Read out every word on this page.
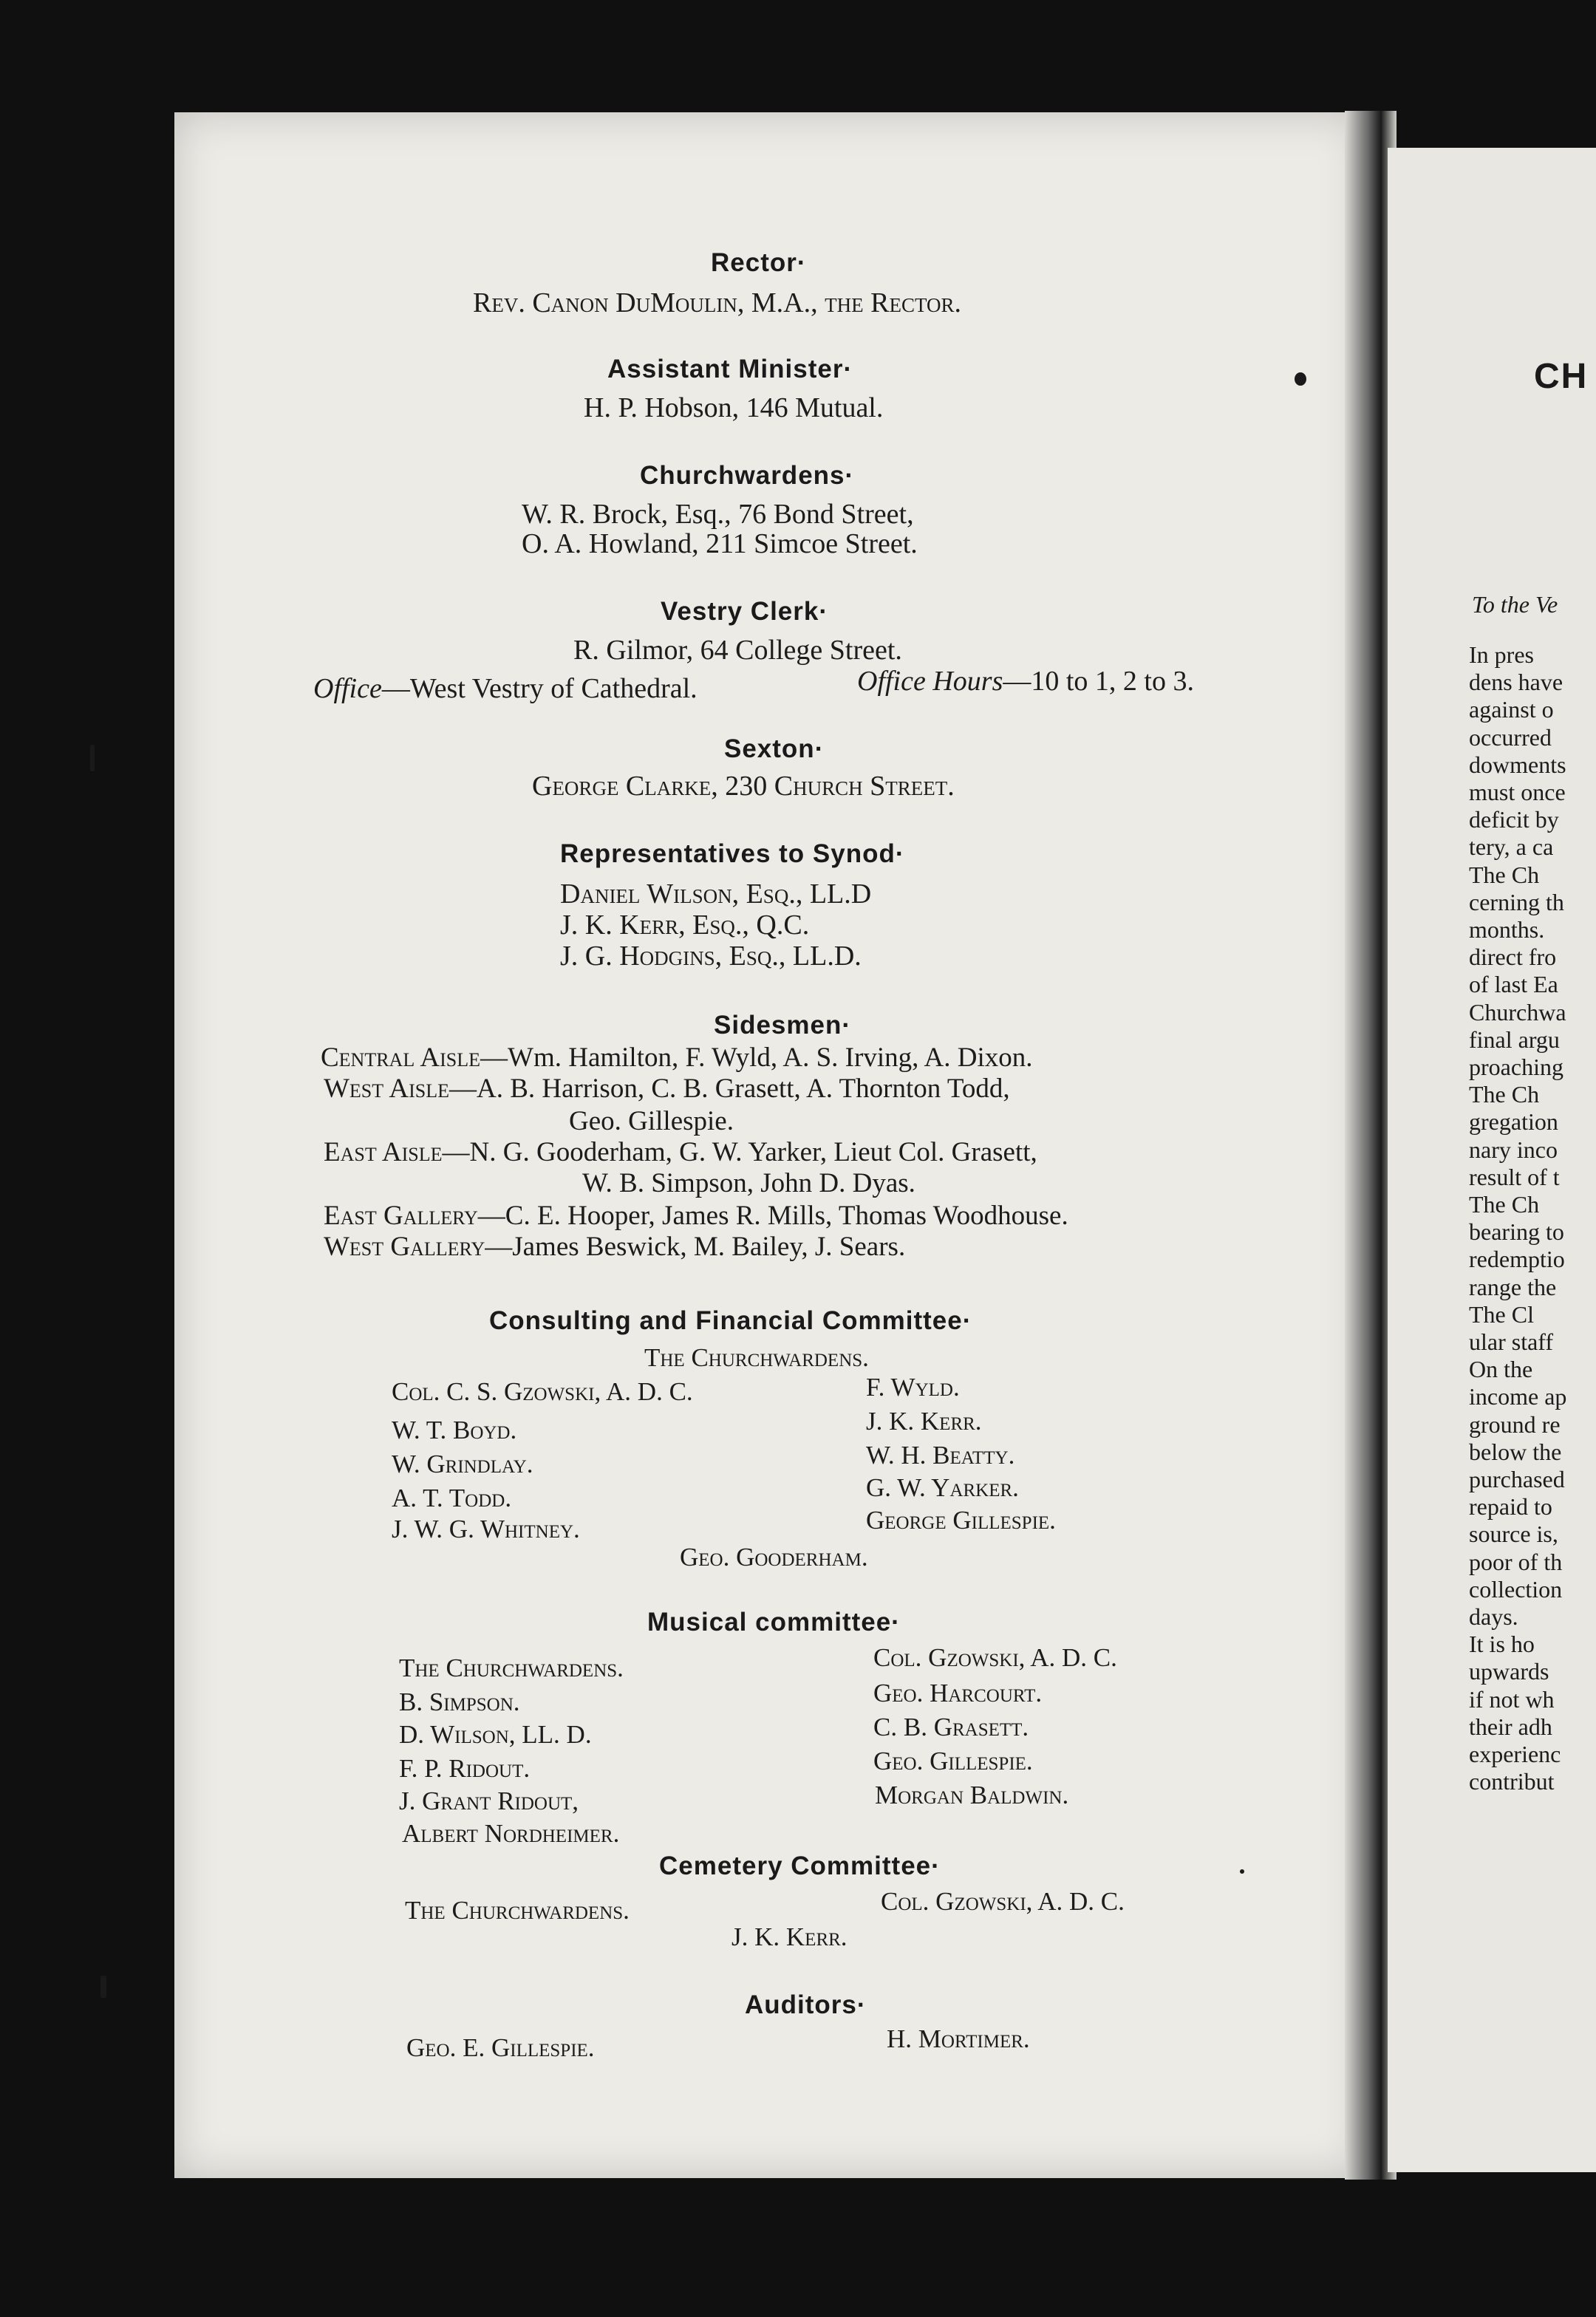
Rector·
Rev. Canon DuMoulin, M.A., the Rector.
Assistant Minister·
H. P. Hobson, 146 Mutual.
Churchwardens·
W. R. Brock, Esq., 76 Bond Street,
O. A. Howland, 211 Simcoe Street.
Vestry Clerk·
R. Gilmor, 64 College Street.
Office—West Vestry of Cathedral.	Office Hours—10 to 1, 2 to 3.
Sexton·
George Clarke, 230 Church Street.
Representatives to Synod·
Daniel Wilson, Esq., LL.D
J. K. Kerr, Esq., Q.C.
J. G. Hodgins, Esq., LL.D.
Sidesmen·
Central Aisle—Wm. Hamilton, F. Wyld, A. S. Irving, A. Dixon.
West Aisle—A. B. Harrison, C. B. Grasett, A. Thornton Todd,
Geo. Gillespie.
East Aisle—N. G. Gooderham, G. W. Yarker, Lieut Col. Grasett,
W. B. Simpson, John D. Dyas.
East Gallery—C. E. Hooper, James R. Mills, Thomas Woodhouse.
West Gallery—James Beswick, M. Bailey, J. Sears.
Consulting and Financial Committee·
The Churchwardens.
Col. C. S. Gzowski, A. D. C.
W. T. Boyd.
W. Grindlay.
A. T. Todd.
J. W. G. Whitney.
F. Wyld.
J. K. Kerr.
W. H. Beatty.
G. W. Yarker.
George Gillespie.
Geo. Gooderham.
Musical committee·
The Churchwardens.
B. Simpson.
D. Wilson, LL. D.
F. P. Ridout.
J. Grant Ridout,
Albert Nordheimer.
Col. Gzowski, A. D. C.
Geo. Harcourt.
C. B. Grasett.
Geo. Gillespie.
Morgan Baldwin.
Cemetery Committee·
The Churchwardens.	Col. Gzowski, A. D. C.
J. K. Kerr.
Auditors·
Geo. E. Gillespie.	H. Mortimer.
CH
To the Ve
In pres
dens have
against o
occurred
dowments
must once
deficit by
tery, a ca
The Ch
cerning th
months.
direct fro
of last Ea
Churchwa
final argu
proaching
The Ch
gregation
nary inco
result of t
The Ch
bearing to
redemptio
range the
The Cl
ular staff
On the
income ap
ground re
below the
purchased
repaid to
source is,
poor of th
collection
days.
It is ho
upwards
if not wh
their adh
experienc
contribut
